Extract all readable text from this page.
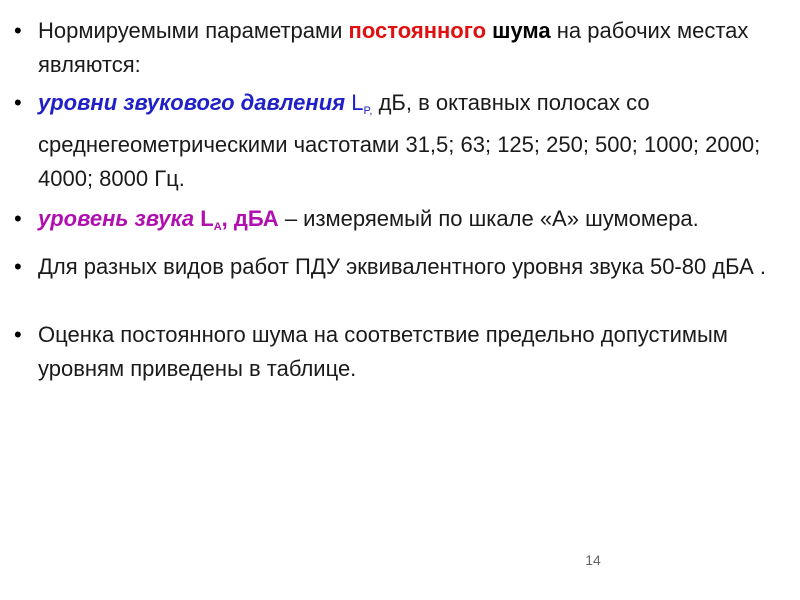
• Нормируемыми параметрами постоянного шума на рабочих местах являются:
• уровни звукового давления $L_{P,}$ дБ, в октавных полосах со среднегеометрическими частотами 31,5; 63; 125; 250; 500; 1000; 2000; 4000; 8000 Гц.
• уровень звука LA, дБА – измеряемый по шкале «А» шумомера.
• Для разных видов работ ПДУ эквивалентного уровня звука 50-80 дБА .
• Оценка постоянного шума на соответствие предельно допустимым уровням приведены в таблице.
14
